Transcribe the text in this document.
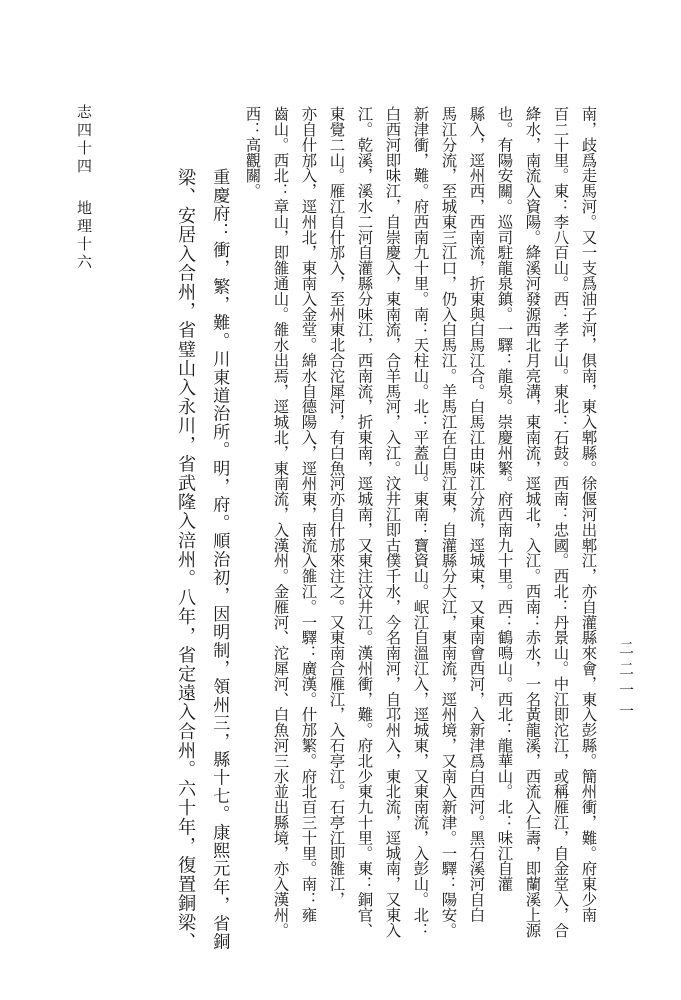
二二一一
南，歧爲走馬河。又一支爲油子河，俱南，東入郫縣。徐偃河出郫江，亦自灌縣來會，東入彭縣。簡州衝，難。府東少南
百二十里。東：李八百山。西：孝子山。東北：石鼓。西南：忠國。西北：丹景山。中江即沱江，或稱雁江，自金堂入，合
絳水，南流入資陽。絳溪河發源西北月亮溝，東南流，逕城北，入江。西南：赤水，一名黃龍溪，西流入仁壽，即蘭溪上源
也。有陽安關。巡司駐龍泉鎮。一驛：龍泉。崇慶州繁。府西南九十里。西：鶴鳴山。西北：龍華山。北：味江自灌
縣入，逕州西，西南流，折東與白馬江合。白馬江由味江分流，逕城東，又東南會西河，入新津爲白西河。黑石溪河自白
馬江分流，至城東三江口，仍入白馬江。羊馬江在白馬江東，自灌縣分大江，東南流，逕州境，又南入新津。一驛：陽安。
新津衝，難。府西南九十里。南：天柱山。北：平蓋山。東南：寶資山。岷江自溫江入，逕城東，又東南流，入彭山。北：
白西河即味江，自崇慶入，東南流，合羊馬河，入江。汶井江即古僕千水，今名南河，自邛州入，東北流，逕城南，又東入
江。乾溪，溪水二河自灌縣分味江，西南流，折東南，逕城南，又東注汶井江。漢州衝，難。府北少東九十里。東：銅官、
東覺二山。雁江自什邡入，至州東北合沱犀河，有白魚河亦自什邡來注之。又東南合雁江，入石亭江。石亭江即雒江，
亦自什邡入，逕州北，東南入金堂。綿水自德陽入，逕州東，南流入雒江。一驛：廣漢。什邡繁。府北百三十里。南：雍
齒山。西北：章山，即雒通山。雒水出焉，逕城北，東南流，入漢州。金雁河、沱犀河、白魚河三水並出縣境，亦入漢州。
西：高觀關。
重慶府：衝，繁，難。川東道治所。明，府。順治初，因明制，領州三，縣十七。康熙元年，省銅
梁、安居入合州，省璧山入永川，省武隆入涪州。八年，省定遠入合州。六十年，復置銅梁、
志四十四
地理十六
